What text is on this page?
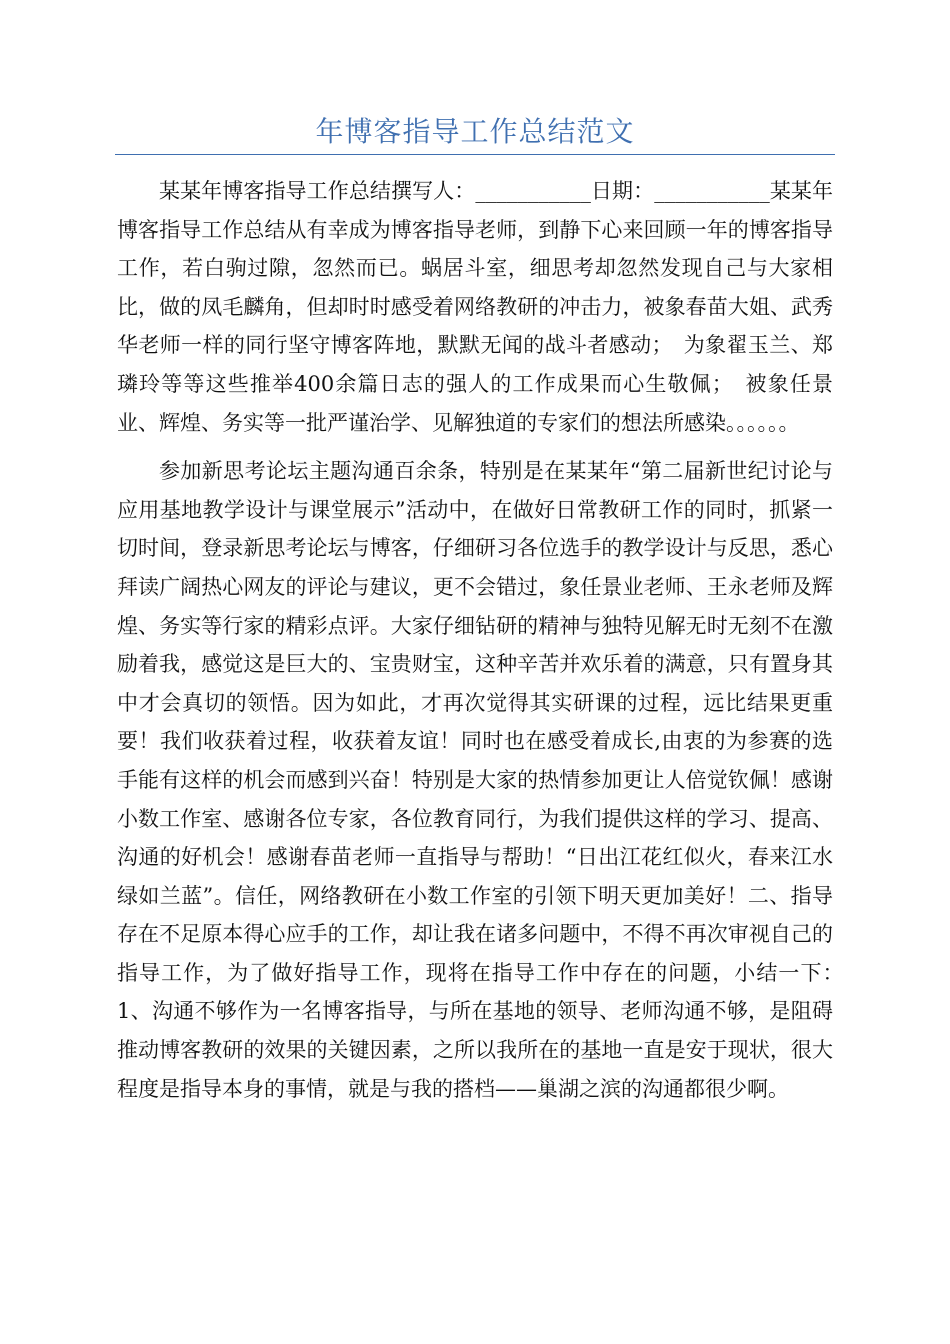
年博客指导工作总结范文

某某年博客指导工作总结撰写人：___________日期：___________某某年博客指导工作总结从有幸成为博客指导老师，到静下心来回顾一年的博客指导工作，若白驹过隙，忽然而已。蜗居斗室，细思考却忽然发现自己与大家相比，做的凤毛麟角，但却时时感受着网络教研的冲击力，被象春苗大姐、武秀华老师一样的同行坚守博客阵地，默默无闻的战斗者感动；　为象翟玉兰、郑璘玲等等这些推举400余篇日志的强人的工作成果而心生敬佩；　被象任景业、辉煌、务实等一批严谨治学、见解独道的专家们的想法所感染。。。。。。

参加新思考论坛主题沟通百余条，特别是在某某年“第二届新世纪讨论与应用基地教学设计与课堂展示”活动中，在做好日常教研工作的同时，抓紧一切时间，登录新思考论坛与博客，仔细研习各位选手的教学设计与反思，悉心拜读广阔热心网友的评论与建议，更不会错过，象任景业老师、王永老师及辉煌、务实等行家的精彩点评。大家仔细钻研的精神与独特见解无时无刻不在激励着我，感觉这是巨大的、宝贵财宝，这种辛苦并欢乐着的满意，只有置身其中才会真切的领悟。因为如此，才再次觉得其实研课的过程，远比结果更重要！我们收获着过程，收获着友谊！同时也在感受着成长,由衷的为参赛的选手能有这样的机会而感到兴奋！特别是大家的热情参加更让人倍觉钦佩！感谢小数工作室、感谢各位专家，各位教育同行，为我们提供这样的学习、提高、沟通的好机会！感谢春苗老师一直指导与帮助！“日出江花红似火，春来江水绿如兰蓝”。信任，网络教研在小数工作室的引领下明天更加美好！二、指导存在不足原本得心应手的工作，却让我在诸多问题中，不得不再次审视自己的指导工作，为了做好指导工作，现将在指导工作中存在的问题，小结一下：　1、沟通不够作为一名博客指导，与所在基地的领导、老师沟通不够，是阻碍推动博客教研的效果的关键因素，之所以我所在的基地一直是安于现状，很大程度是指导本身的事情，就是与我的搭档——巢湖之滨的沟通都很少啊。
